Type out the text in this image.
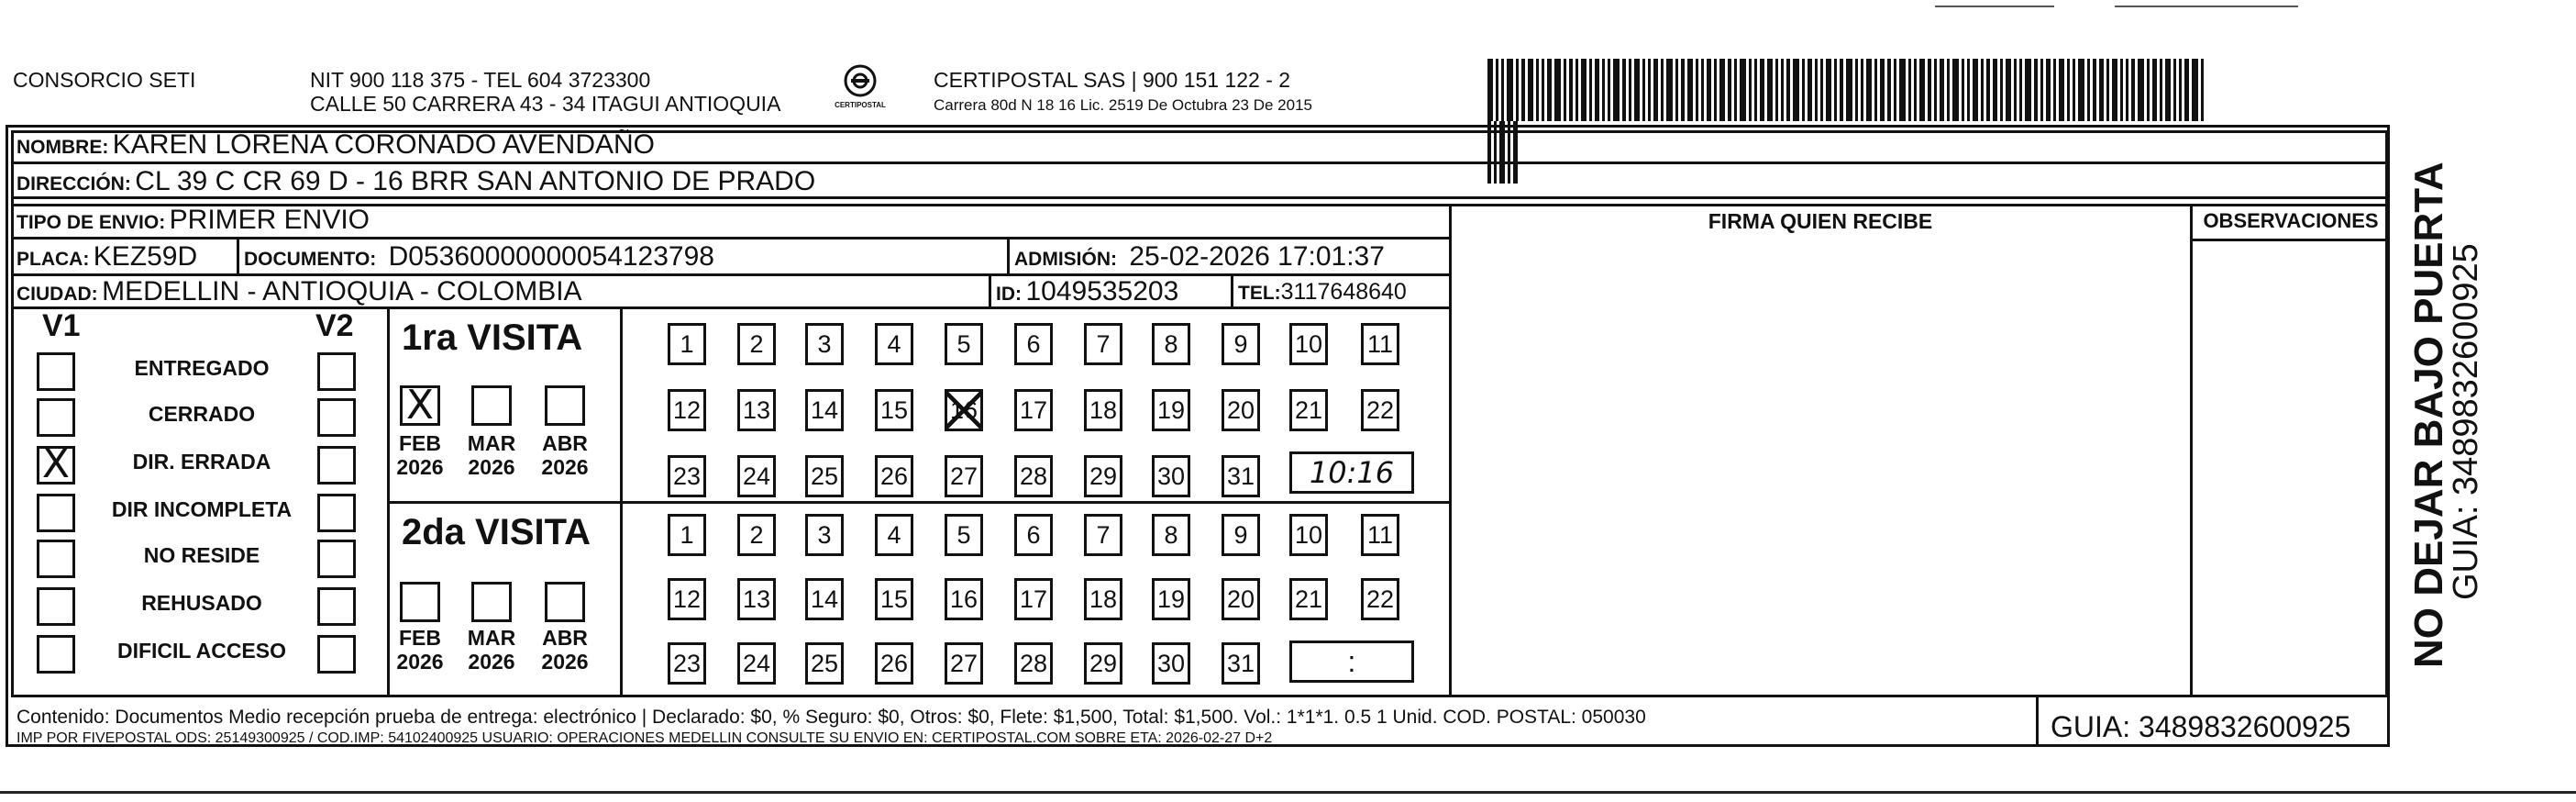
CONSORCIO SETI	NIT 900 118 375 - TEL 604 3723300
CALLE 50 CARRERA 43 - 34 ITAGUI ANTIOQUIA	CERTIPOSTAL
CERTIPOSTAL SAS | 900 151 122 - 2
Carrera 80d N 18 16 Lic. 2519 De Octubra 23 De 2015
NOMBRE: KAREN LORENA CORONADO AVENDAÑO
DIRECCIÓN: CL 39 C CR 69 D - 16 BRR SAN ANTONIO DE PRADO
TIPO DE ENVIO: PRIMER ENVIO	FIRMA QUIEN RECIBE	OBSERVACIONES
PLACA: KEZ59D DOCUMENTO: D05360000000054123798	ADMISIÓN: 25-02-2026 17:01:37
CIUDAD: MEDELLIN - ANTIOQUIA - COLOMBIA	ID: 1049535203	TEL:3117648640
V1	V2
ENTREGADO
CERRADO
X	DIR. ERRADA
DIR INCOMPLETA
NO RESIDE
REHUSADO
DIFICIL ACCESO
1ra VISITA
2da VISITA
X
FEB
2026
MAR
2026
ABR
2026
FEB
2026
MAR
2026
ABR
2026
1	2	3	4	5	6	7	8	9	10 11
12 13 14 15 16 17 18 19 20 21 22
23 24 25 26 27 28 29 30 31
1	2	3	4	5	6	7	8	9	10 11
12 13 14 15 16 17 18 19 20 21 22
23 24 25 26 27 28 29 30 31
10:16
:
Contenido: Documentos Medio recepción prueba de entrega: electrónico | Declarado: $0, % Seguro: $0, Otros: $0, Flete: $1,500, Total: $1,500. Vol.: 1*1*1. 0.5 1 Unid. COD. POSTAL: 050030
IMP POR FIVEPOSTAL ODS: 25149300925 / COD.IMP: 54102400925 USUARIO: OPERACIONES MEDELLIN CONSULTE SU ENVIO EN: CERTIPOSTAL.COM SOBRE ETA: 2026-02-27 D+2	GUIA: 3489832600925
NO DEJAR BAJO PUERTA
GUIA: 3489832600925
